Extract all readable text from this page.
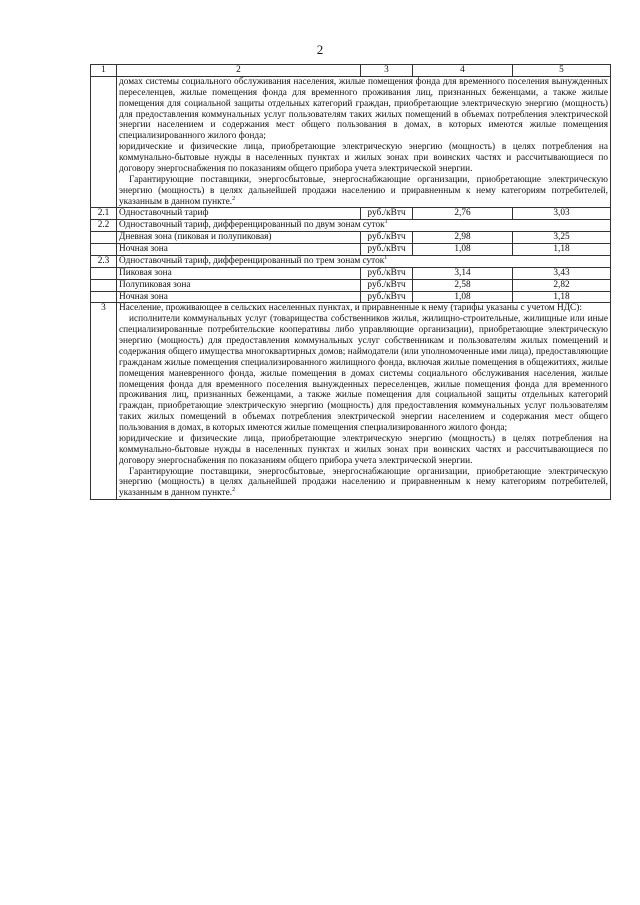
2
1	2	3	4	5

	домах системы социального обслуживания населения, жилые помещения фонда для временного поселения вынужденных переселенцев, жилые помещения фонда для временного проживания лиц, признанных беженцами, а также жилые помещения для социальной защиты отдельных категорий граждан, приобретающие электрическую энергию (мощность) для предоставления коммунальных услуг пользователям таких жилых помещений в объемах потребления электрической энергии населением и содержания мест общего пользования в домах, в которых имеются жилые помещения специализированного жилого фонда;

юридические и физические лица, приобретающие электрическую энергию (мощность) в целях потребления на коммунально-бытовые нужды в населенных пунктах и жилых зонах при воинских частях и рассчитывающиеся по договору энергоснабжения по показаниям общего прибора учета электрической энергии.

Гарантирующие поставщики, энергосбытовые, энергоснабжающие организации, приобретающие электрическую энергию (мощность) в целях дальнейшей продажи населению и приравненным к нему категориям потребителей, указанным в данном пункте.$^2$

2.1	Одноставочный тариф	руб./кВтч	2,76	3,03
2.2	Одноставочный тариф, дифференцированный по двум зонам суток$^1$
	Дневная зона (пиковая и полупиковая)	руб./кВтч	2,98	3,25
	Ночная зона	руб./кВтч	1,08	1,18
2.3	Одноставочный тариф, дифференцированный по трем зонам суток$^1$
	Пиковая зона	руб./кВтч	3,14	3,43
	Полупиковая зона	руб./кВтч	2,58	2,82
	Ночная зона	руб./кВтч	1,08	1,18
3	Население, проживающее в сельских населенных пунктах, и приравненные к нему (тарифы указаны с учетом НДС):

исполнители коммунальных услуг (товарищества собственников жилья, жилищно-строительные, жилищные или иные специализированные потребительские кооперативы либо управляющие организации), приобретающие электрическую энергию (мощность) для предоставления коммунальных услуг собственникам и пользователям жилых помещений и содержания общего имущества многоквартирных домов; наймодатели (или уполномоченные ими лица), предоставляющие гражданам жилые помещения специализированного жилищного фонда, включая жилые помещения в общежитиях, жилые помещения маневренного фонда, жилые помещения в домах системы социального обслуживания населения, жилые помещения фонда для временного поселения вынужденных переселенцев, жилые помещения фонда для временного проживания лиц, признанных беженцами, а также жилые помещения для социальной защиты отдельных категорий граждан, приобретающие электрическую энергию (мощность) для предоставления коммунальных услуг пользователям таких жилых помещений в объемах потребления электрической энергии населением и содержания мест общего пользования в домах, в которых имеются жилые помещения специализированного жилого фонда;

юридические и физические лица, приобретающие электрическую энергию (мощность) в целях потребления на коммунально-бытовые нужды в населенных пунктах и жилых зонах при воинских частях и рассчитывающиеся по договору энергоснабжения по показаниям общего прибора учета электрической энергии.

Гарантирующие поставщики, энергосбытовые, энергоснабжающие организации, приобретающие электрическую энергию (мощность) в целях дальнейшей продажи населению и приравненным к нему категориям потребителей, указанным в данном пункте.$^2$
